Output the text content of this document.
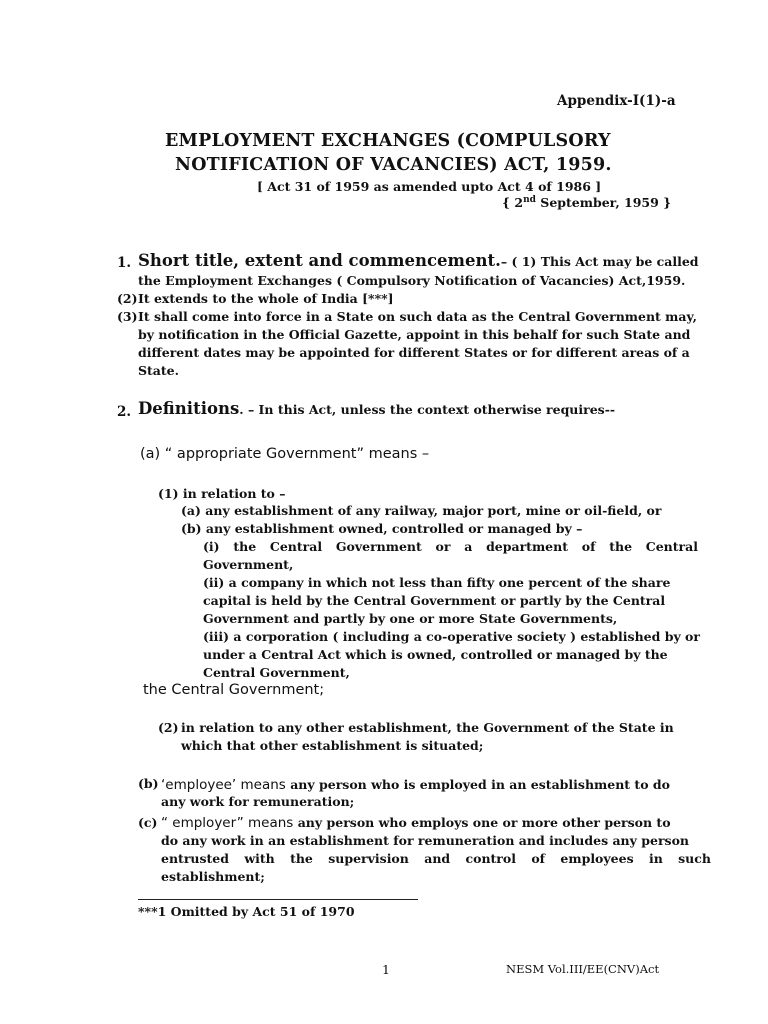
Appendix-I(1)-a
EMPLOYMENT EXCHANGES (COMPULSORY
NOTIFICATION OF VACANCIES) ACT, 1959.
[ Act 31 of 1959 as amended upto Act 4 of 1986 ]
{ 2nd September, 1959 }
1. Short title, extent and commencement.– ( 1) This Act may be called
the Employment Exchanges ( Compulsory Notification of Vacancies) Act,1959.
(2) It extends to the whole of India [***]
(3) It shall come into force in a State on such data as the Central Government may,
by notification in the Official Gazette, appoint in this behalf for such State and
different dates may be appointed for different States or for different areas of a
State.
2. Definitions. – In this Act, unless the context otherwise requires--
(a) “ appropriate Government” means –
(1) in relation to –
(a) any establishment of any railway, major port, mine or oil-field, or
(b) any establishment owned, controlled or managed by –
(i) the Central Government or a department of the Central
Government,
(ii) a company in which not less than fifty one percent of the share
capital is held by the Central Government or partly by the Central
Government and partly by one or more State Governments,
(iii) a corporation ( including a co-operative society ) established by or
under a Central Act which is owned, controlled or managed by the
Central Government,
the Central Government;
(2) in relation to any other establishment, the Government of the State in
which that other establishment is situated;
(b) ‘employee’ means any person who is employed in an establishment to do
any work for remuneration;
(c) “ employer” means any person who employs one or more other person to
do any work in an establishment for remuneration and includes any person
entrusted with the supervision and control of employees in such
establishment;
***1 Omitted by Act 51 of 1970
1	NESM Vol.III/EE(CNV)Act
